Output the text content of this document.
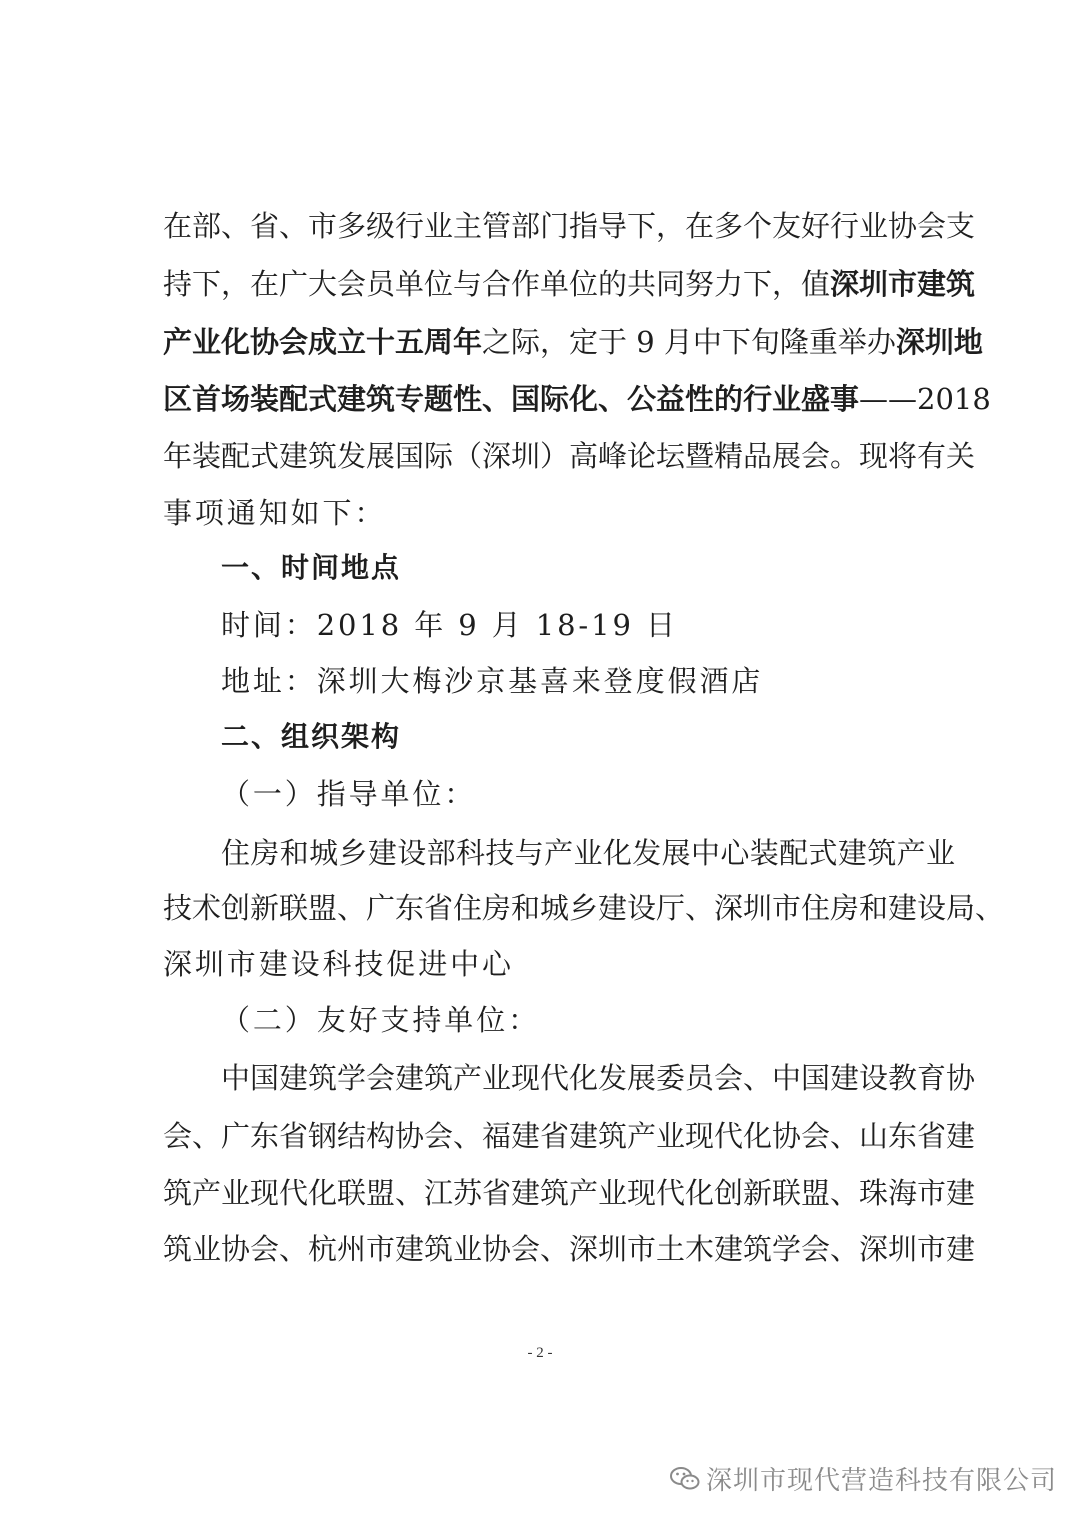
在部、省、市多级行业主管部门指导下，在多个友好行业协会支
持下，在广大会员单位与合作单位的共同努力下，值深圳市建筑
产业化协会成立十五周年之际，定于 9 月中下旬隆重举办深圳地
区首场装配式建筑专题性、国际化、公益性的行业盛事——2018
年装配式建筑发展国际（深圳）高峰论坛暨精品展会。现将有关
事项通知如下：
一、时间地点
时间：2018 年 9 月 18-19 日
地址：深圳大梅沙京基喜来登度假酒店
二、组织架构
（一）指导单位：
住房和城乡建设部科技与产业化发展中心装配式建筑产业
技术创新联盟、广东省住房和城乡建设厅、深圳市住房和建设局、
深圳市建设科技促进中心
（二）友好支持单位：
中国建筑学会建筑产业现代化发展委员会、中国建设教育协
会、广东省钢结构协会、福建省建筑产业现代化协会、山东省建
筑产业现代化联盟、江苏省建筑产业现代化创新联盟、珠海市建
筑业协会、杭州市建筑业协会、深圳市土木建筑学会、深圳市建
- 2 -
深圳市现代营造科技有限公司
